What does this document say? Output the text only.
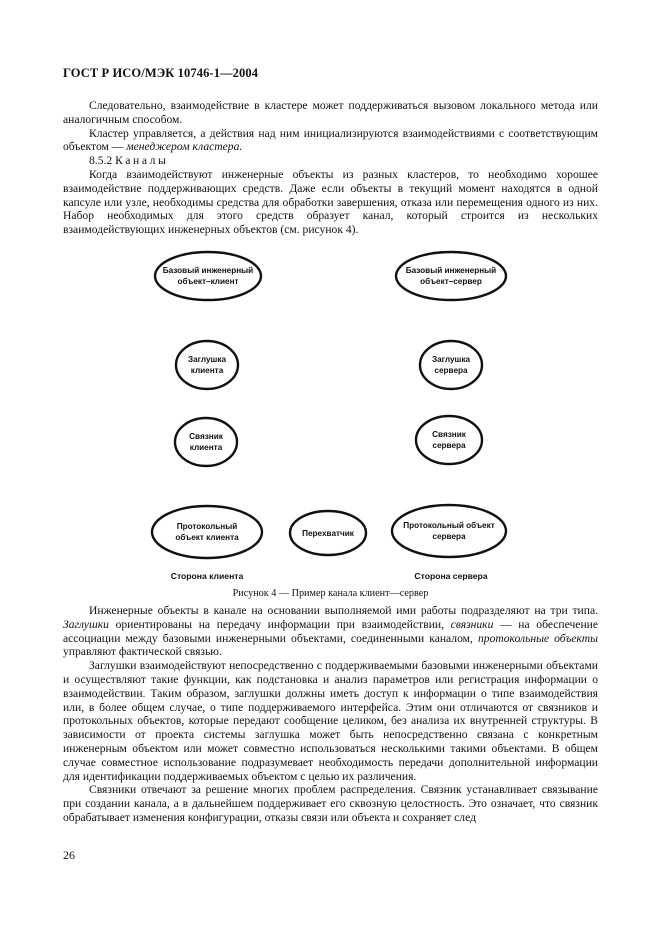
ГОСТ Р ИСО/МЭК 10746-1—2004

Следовательно, взаимодействие в кластере может поддерживаться вызовом локального метода или аналогичным способом.

Кластер управляется, а действия над ним инициализируются взаимодействиями с соответствующим объектом — менеджером кластера.

8.5.2 Каналы

Когда взаимодействуют инженерные объекты из разных кластеров, то необходимо хорошее взаимодействие поддерживающих средств. Даже если объекты в текущий момент находятся в одной капсуле или узле, необходимы средства для обработки завершения, отказа или перемещения одного из них. Набор необходимых для этого средств образует канал, который строится из нескольких взаимодействующих инженерных объектов (см. рисунок 4).

Базовый инженерный
объект–клиент
Базовый инженерный
объект–сервер
Заглушка
клиента
Заглушка
сервера
Связник
клиента
Связник
сервера
Протокольный
объект клиента	Перехватчик
Протокольный объект
сервера
Сторона клиента	Сторона сервера
Рисунок 4 — Пример канала клиент—сервер

Инженерные объекты в канале на основании выполняемой ими работы подразделяют на три типа. Заглушки ориентированы на передачу информации при взаимодействии, связники — на обеспечение ассоциации между базовыми инженерными объектами, соединенными каналом, протокольные объекты управляют фактической связью.

Заглушки взаимодействуют непосредственно с поддерживаемыми базовыми инженерными объектами и осуществляют такие функции, как подстановка и анализ параметров или регистрация информации о взаимодействии. Таким образом, заглушки должны иметь доступ к информации о типе взаимодействия или, в более общем случае, о типе поддерживаемого интерфейса. Этим они отличаются от связников и протокольных объектов, которые передают сообщение целиком, без анализа их внутренней структуры. В зависимости от проекта системы заглушка может быть непосредственно связана с конкретным инженерным объектом или может совместно использоваться несколькими такими объектами. В общем случае совместное использование подразумевает необходимость передачи дополнительной информации для идентификации поддерживаемых объектом с целью их различения.

Связники отвечают за решение многих проблем распределения. Связник устанавливает связывание при создании канала, а в дальнейшем поддерживает его сквозную целостность. Это означает, что связник обрабатывает изменения конфигурации, отказы связи или объекта и сохраняет след

26
